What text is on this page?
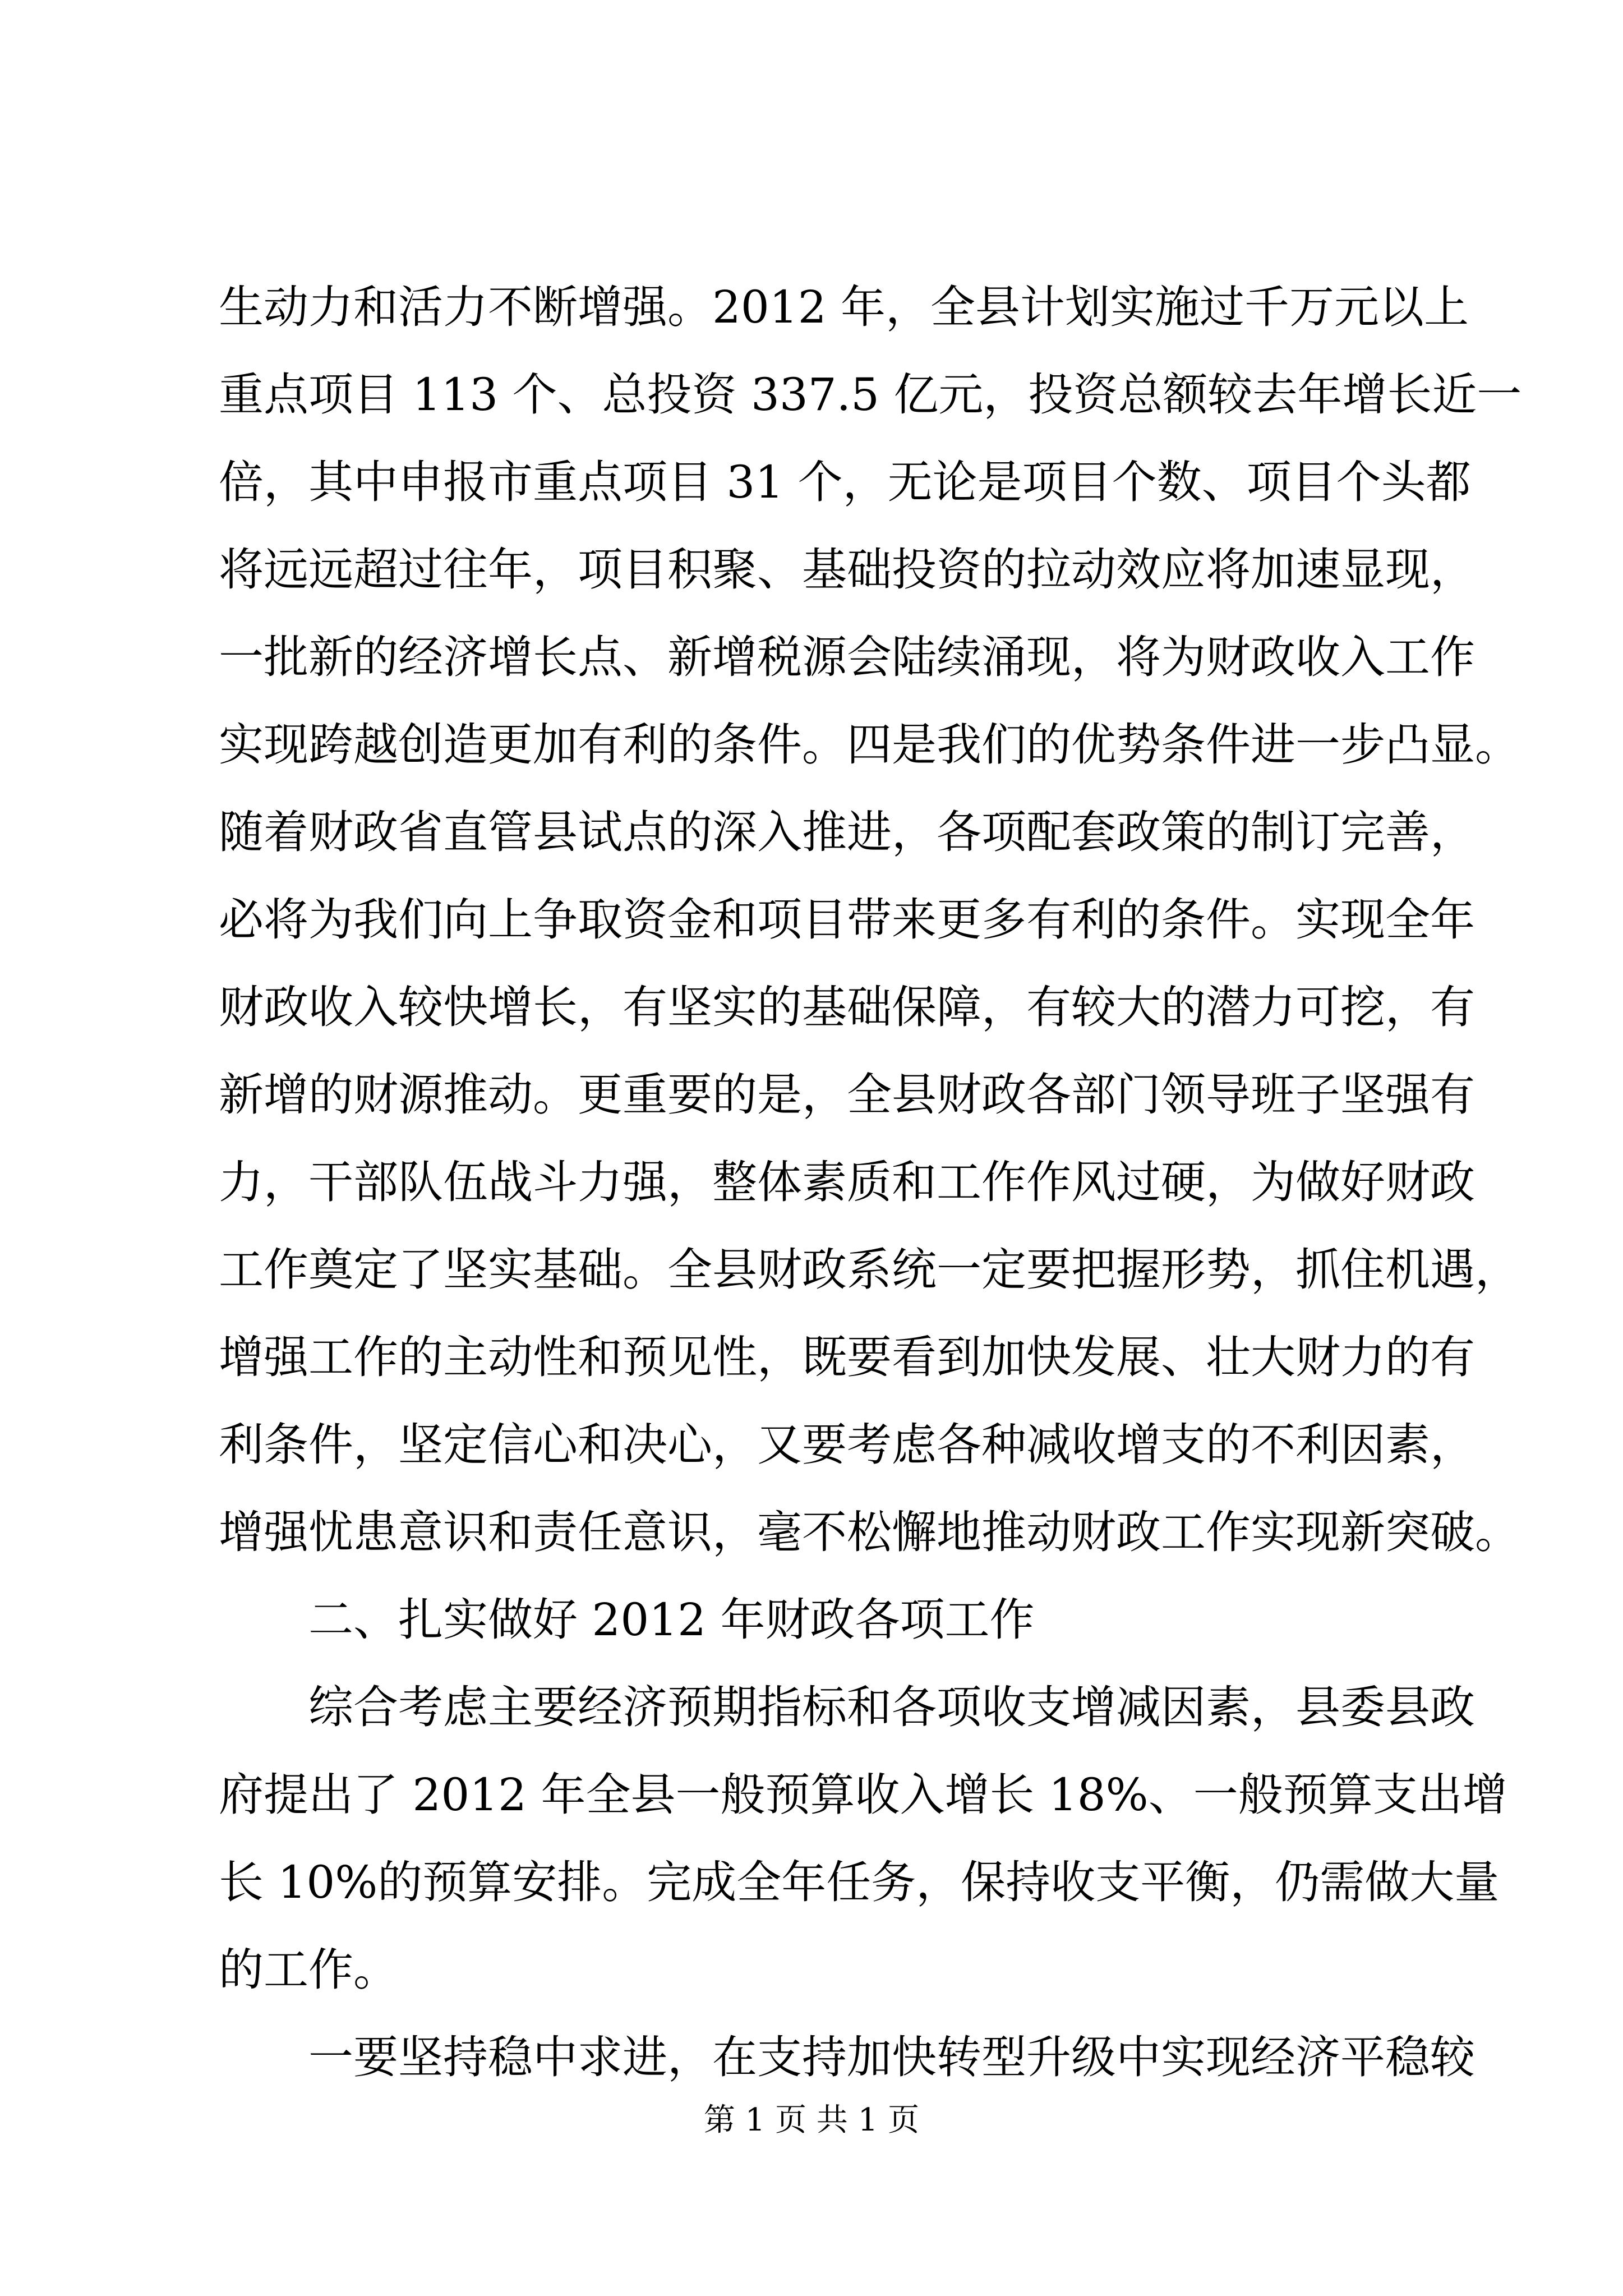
生动力和活力不断增强。2012 年，全县计划实施过千万元以上
重点项目 113 个、总投资 337.5 亿元，投资总额较去年增长近一
倍，其中申报市重点项目 31 个，无论是项目个数、项目个头都
将远远超过往年，项目积聚、基础投资的拉动效应将加速显现，
一批新的经济增长点、新增税源会陆续涌现，将为财政收入工作
实现跨越创造更加有利的条件。四是我们的优势条件进一步凸显。
随着财政省直管县试点的深入推进，各项配套政策的制订完善，
必将为我们向上争取资金和项目带来更多有利的条件。实现全年
财政收入较快增长，有坚实的基础保障，有较大的潜力可挖，有
新增的财源推动。更重要的是，全县财政各部门领导班子坚强有
力，干部队伍战斗力强，整体素质和工作作风过硬，为做好财政
工作奠定了坚实基础。全县财政系统一定要把握形势，抓住机遇，
增强工作的主动性和预见性，既要看到加快发展、壮大财力的有
利条件，坚定信心和决心，又要考虑各种减收增支的不利因素，
增强忧患意识和责任意识，毫不松懈地推动财政工作实现新突破。
二、扎实做好 2012 年财政各项工作
综合考虑主要经济预期指标和各项收支增减因素，县委县政
府提出了 2012 年全县一般预算收入增长 18%、一般预算支出增
长 10%的预算安排。完成全年任务，保持收支平衡，仍需做大量
的工作。
一要坚持稳中求进，在支持加快转型升级中实现经济平稳较
第 1 页 共 1 页
